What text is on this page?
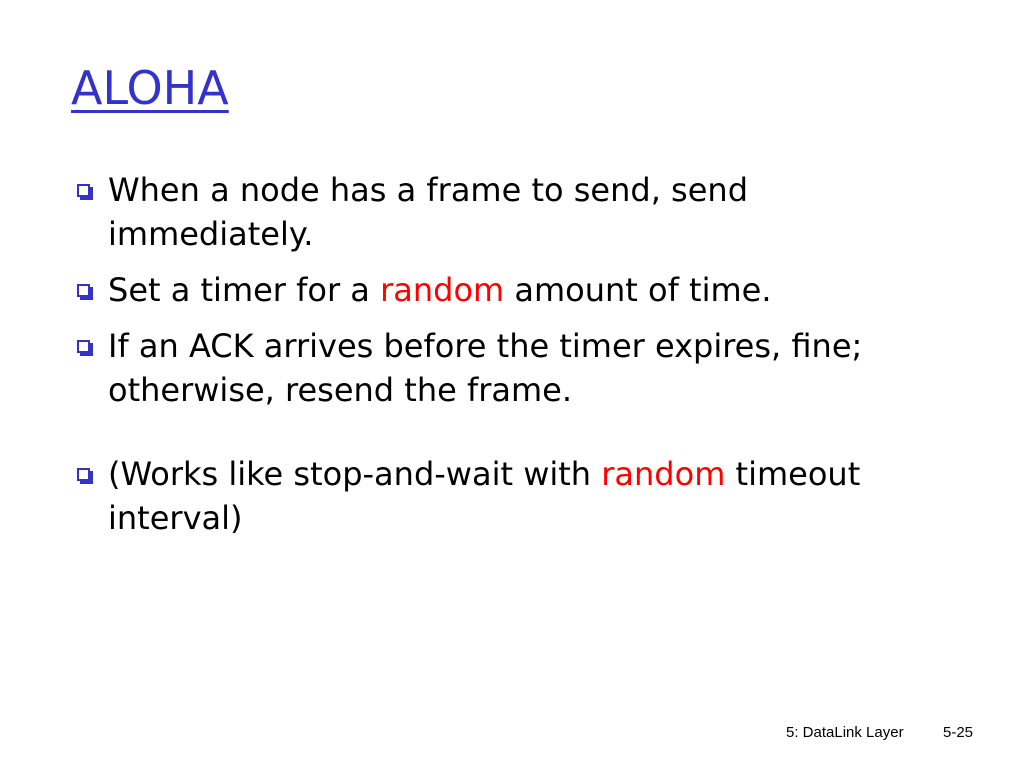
ALOHA
When a node has a frame to send, send immediately.
Set a timer for a random amount of time.
If an ACK arrives before the timer expires, fine; otherwise, resend the frame.
(Works like stop-and-wait with random timeout interval)
5: DataLink Layer	5-25
